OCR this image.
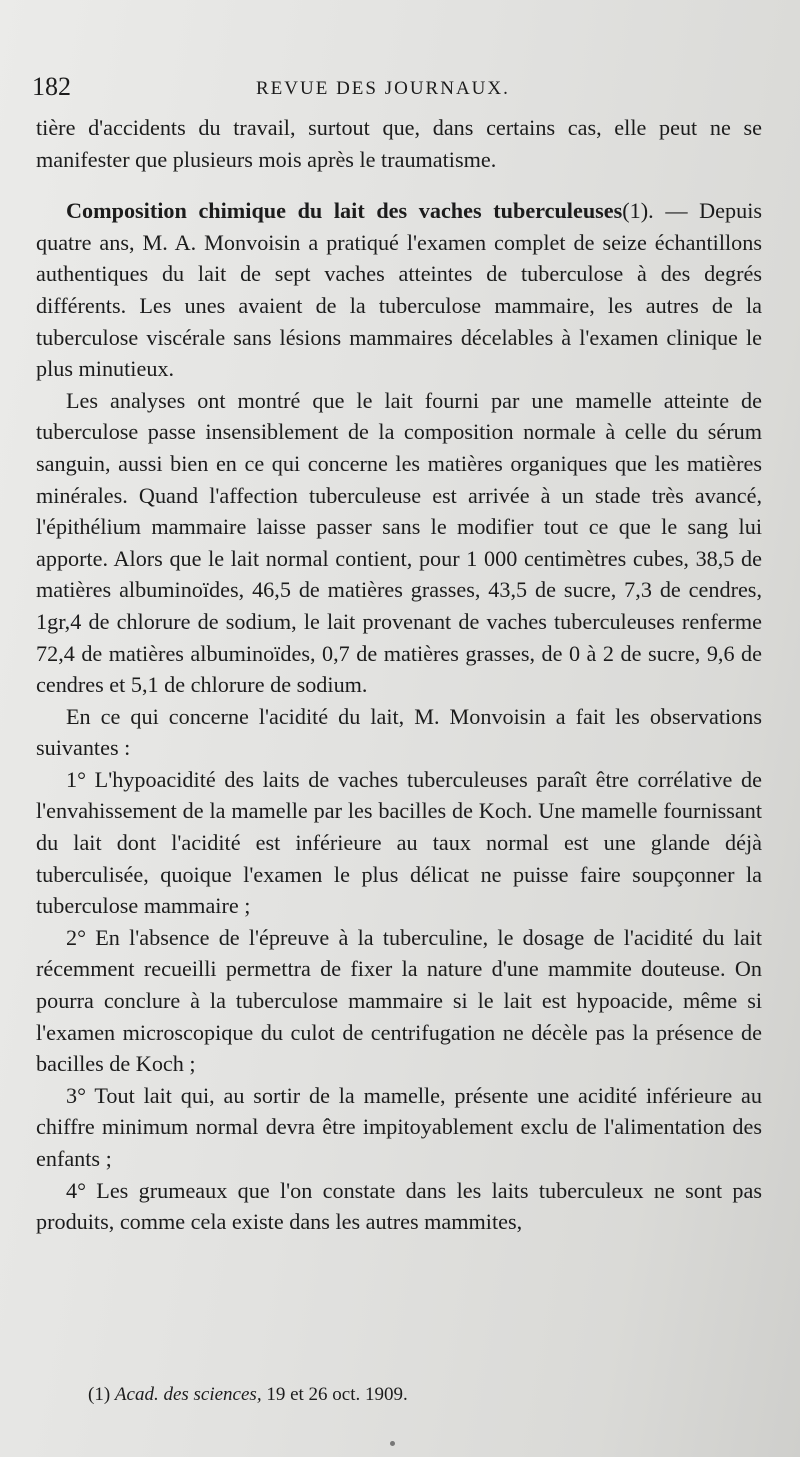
182	REVUE DES JOURNAUX.

tière d'accidents du travail, surtout que, dans certains cas, elle peut ne se manifester que plusieurs mois après le traumatisme.

Composition chimique du lait des vaches tuberculeuses(1). — Depuis quatre ans, M. A. Monvoisin a pratiqué l'examen complet de seize échantillons authentiques du lait de sept vaches atteintes de tuberculose à des degrés différents. Les unes avaient de la tuberculose mammaire, les autres de la tuberculose viscérale sans lésions mammaires décelables à l'examen clinique le plus minutieux.

Les analyses ont montré que le lait fourni par une mamelle atteinte de tuberculose passe insensiblement de la composition normale à celle du sérum sanguin, aussi bien en ce qui concerne les matières organiques que les matières minérales. Quand l'affection tuberculeuse est arrivée à un stade très avancé, l'épithélium mammaire laisse passer sans le modifier tout ce que le sang lui apporte. Alors que le lait normal contient, pour 1 000 centimètres cubes, 38,5 de matières albuminoïdes, 46,5 de matières grasses, 43,5 de sucre, 7,3 de cendres, 1gr,4 de chlorure de sodium, le lait provenant de vaches tuberculeuses renferme 72,4 de matières albuminoïdes, 0,7 de matières grasses, de 0 à 2 de sucre, 9,6 de cendres et 5,1 de chlorure de sodium.

En ce qui concerne l'acidité du lait, M. Monvoisin a fait les observations suivantes :

1° L'hypoacidité des laits de vaches tuberculeuses paraît être corrélative de l'envahissement de la mamelle par les bacilles de Koch. Une mamelle fournissant du lait dont l'acidité est inférieure au taux normal est une glande déjà tuberculisée, quoique l'examen le plus délicat ne puisse faire soupçonner la tuberculose mammaire ;

2° En l'absence de l'épreuve à la tuberculine, le dosage de l'acidité du lait récemment recueilli permettra de fixer la nature d'une mammite douteuse. On pourra conclure à la tuberculose mammaire si le lait est hypoacide, même si l'examen microscopique du culot de centrifugation ne décèle pas la présence de bacilles de Koch ;

3° Tout lait qui, au sortir de la mamelle, présente une acidité inférieure au chiffre minimum normal devra être impitoyablement exclu de l'alimentation des enfants ;

4° Les grumeaux que l'on constate dans les laits tuberculeux ne sont pas produits, comme cela existe dans les autres mammites,

(1) Acad. des sciences, 19 et 26 oct. 1909.
